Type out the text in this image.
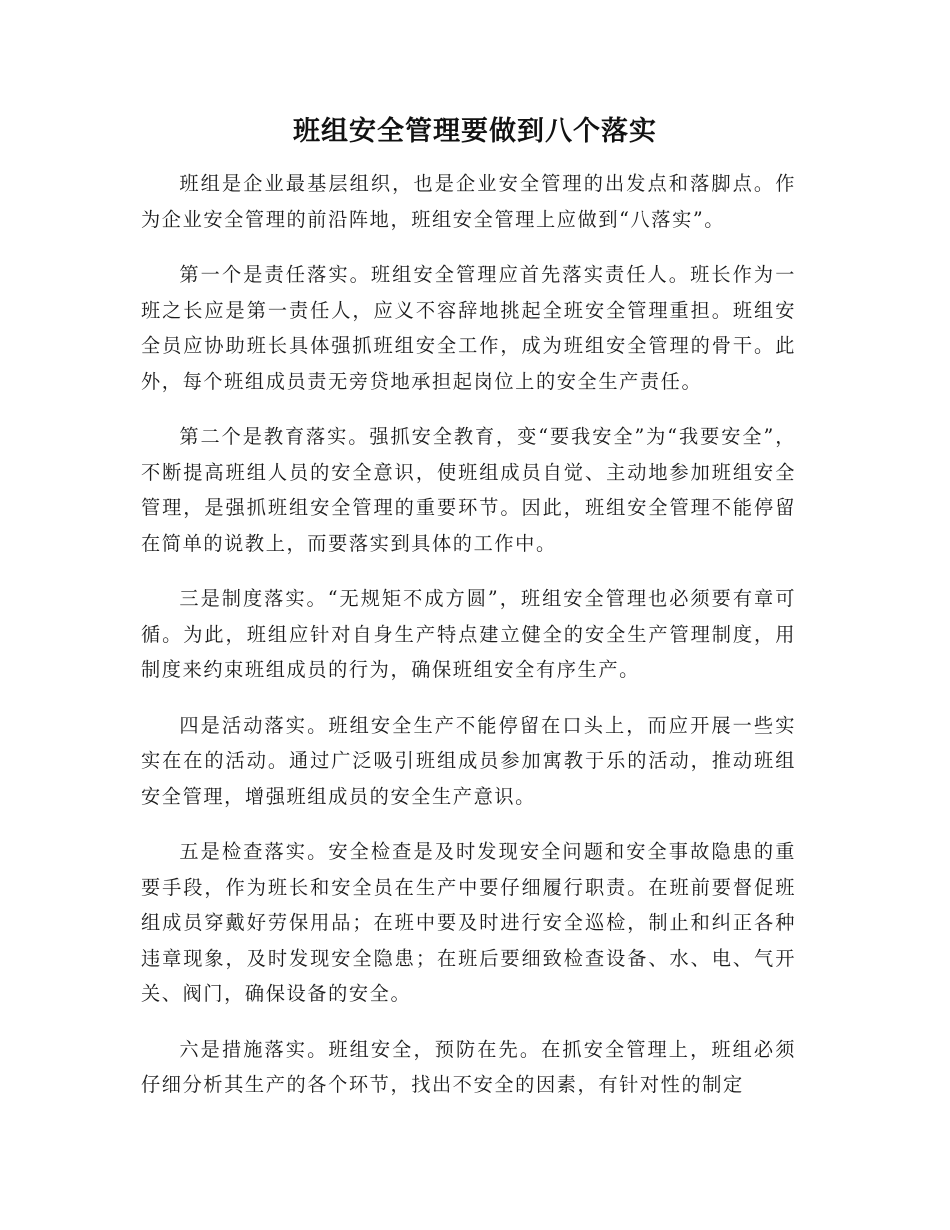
班组安全管理要做到八个落实

班组是企业最基层组织，也是企业安全管理的出发点和落脚点。作为企业安全管理的前沿阵地，班组安全管理上应做到“八落实”。

第一个是责任落实。班组安全管理应首先落实责任人。班长作为一班之长应是第一责任人，应义不容辞地挑起全班安全管理重担。班组安全员应协助班长具体强抓班组安全工作，成为班组安全管理的骨干。此外，每个班组成员责无旁贷地承担起岗位上的安全生产责任。

第二个是教育落实。强抓安全教育，变“要我安全”为“我要安全”，不断提高班组人员的安全意识，使班组成员自觉、主动地参加班组安全管理，是强抓班组安全管理的重要环节。因此，班组安全管理不能停留在简单的说教上，而要落实到具体的工作中。

三是制度落实。“无规矩不成方圆”，班组安全管理也必须要有章可循。为此，班组应针对自身生产特点建立健全的安全生产管理制度，用制度来约束班组成员的行为，确保班组安全有序生产。

四是活动落实。班组安全生产不能停留在口头上，而应开展一些实实在在的活动。通过广泛吸引班组成员参加寓教于乐的活动，推动班组安全管理，增强班组成员的安全生产意识。

五是检查落实。安全检查是及时发现安全问题和安全事故隐患的重要手段，作为班长和安全员在生产中要仔细履行职责。在班前要督促班组成员穿戴好劳保用品；在班中要及时进行安全巡检，制止和纠正各种违章现象，及时发现安全隐患；在班后要细致检查设备、水、电、气开关、阀门，确保设备的安全。

六是措施落实。班组安全，预防在先。在抓安全管理上，班组必须仔细分析其生产的各个环节，找出不安全的因素，有针对性的制定
